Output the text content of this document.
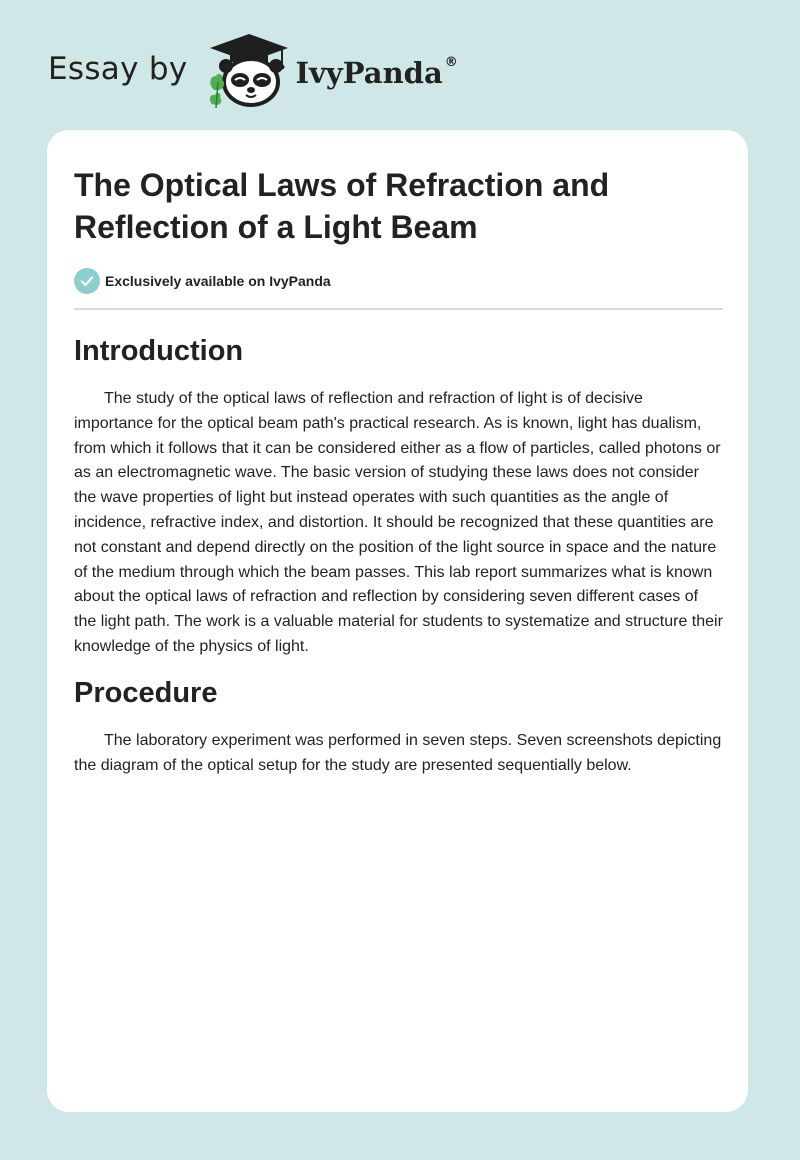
Essay by	IvyPanda ®
The Optical Laws of Refraction and Reflection of a Light Beam
Exclusively available on IvyPanda
Introduction

The study of the optical laws of reflection and refraction of light is of decisive importance for the optical beam path's practical research. As is known, light has dualism, from which it follows that it can be considered either as a flow of particles, called photons or as an electromagnetic wave. The basic version of studying these laws does not consider the wave properties of light but instead operates with such quantities as the angle of incidence, refractive index, and distortion. It should be recognized that these quantities are not constant and depend directly on the position of the light source in space and the nature of the medium through which the beam passes. This lab report summarizes what is known about the optical laws of refraction and reflection by considering seven different cases of the light path. The work is a valuable material for students to systematize and structure their knowledge of the physics of light.

Procedure

The laboratory experiment was performed in seven steps. Seven screenshots depicting the diagram of the optical setup for the study are presented sequentially below.
